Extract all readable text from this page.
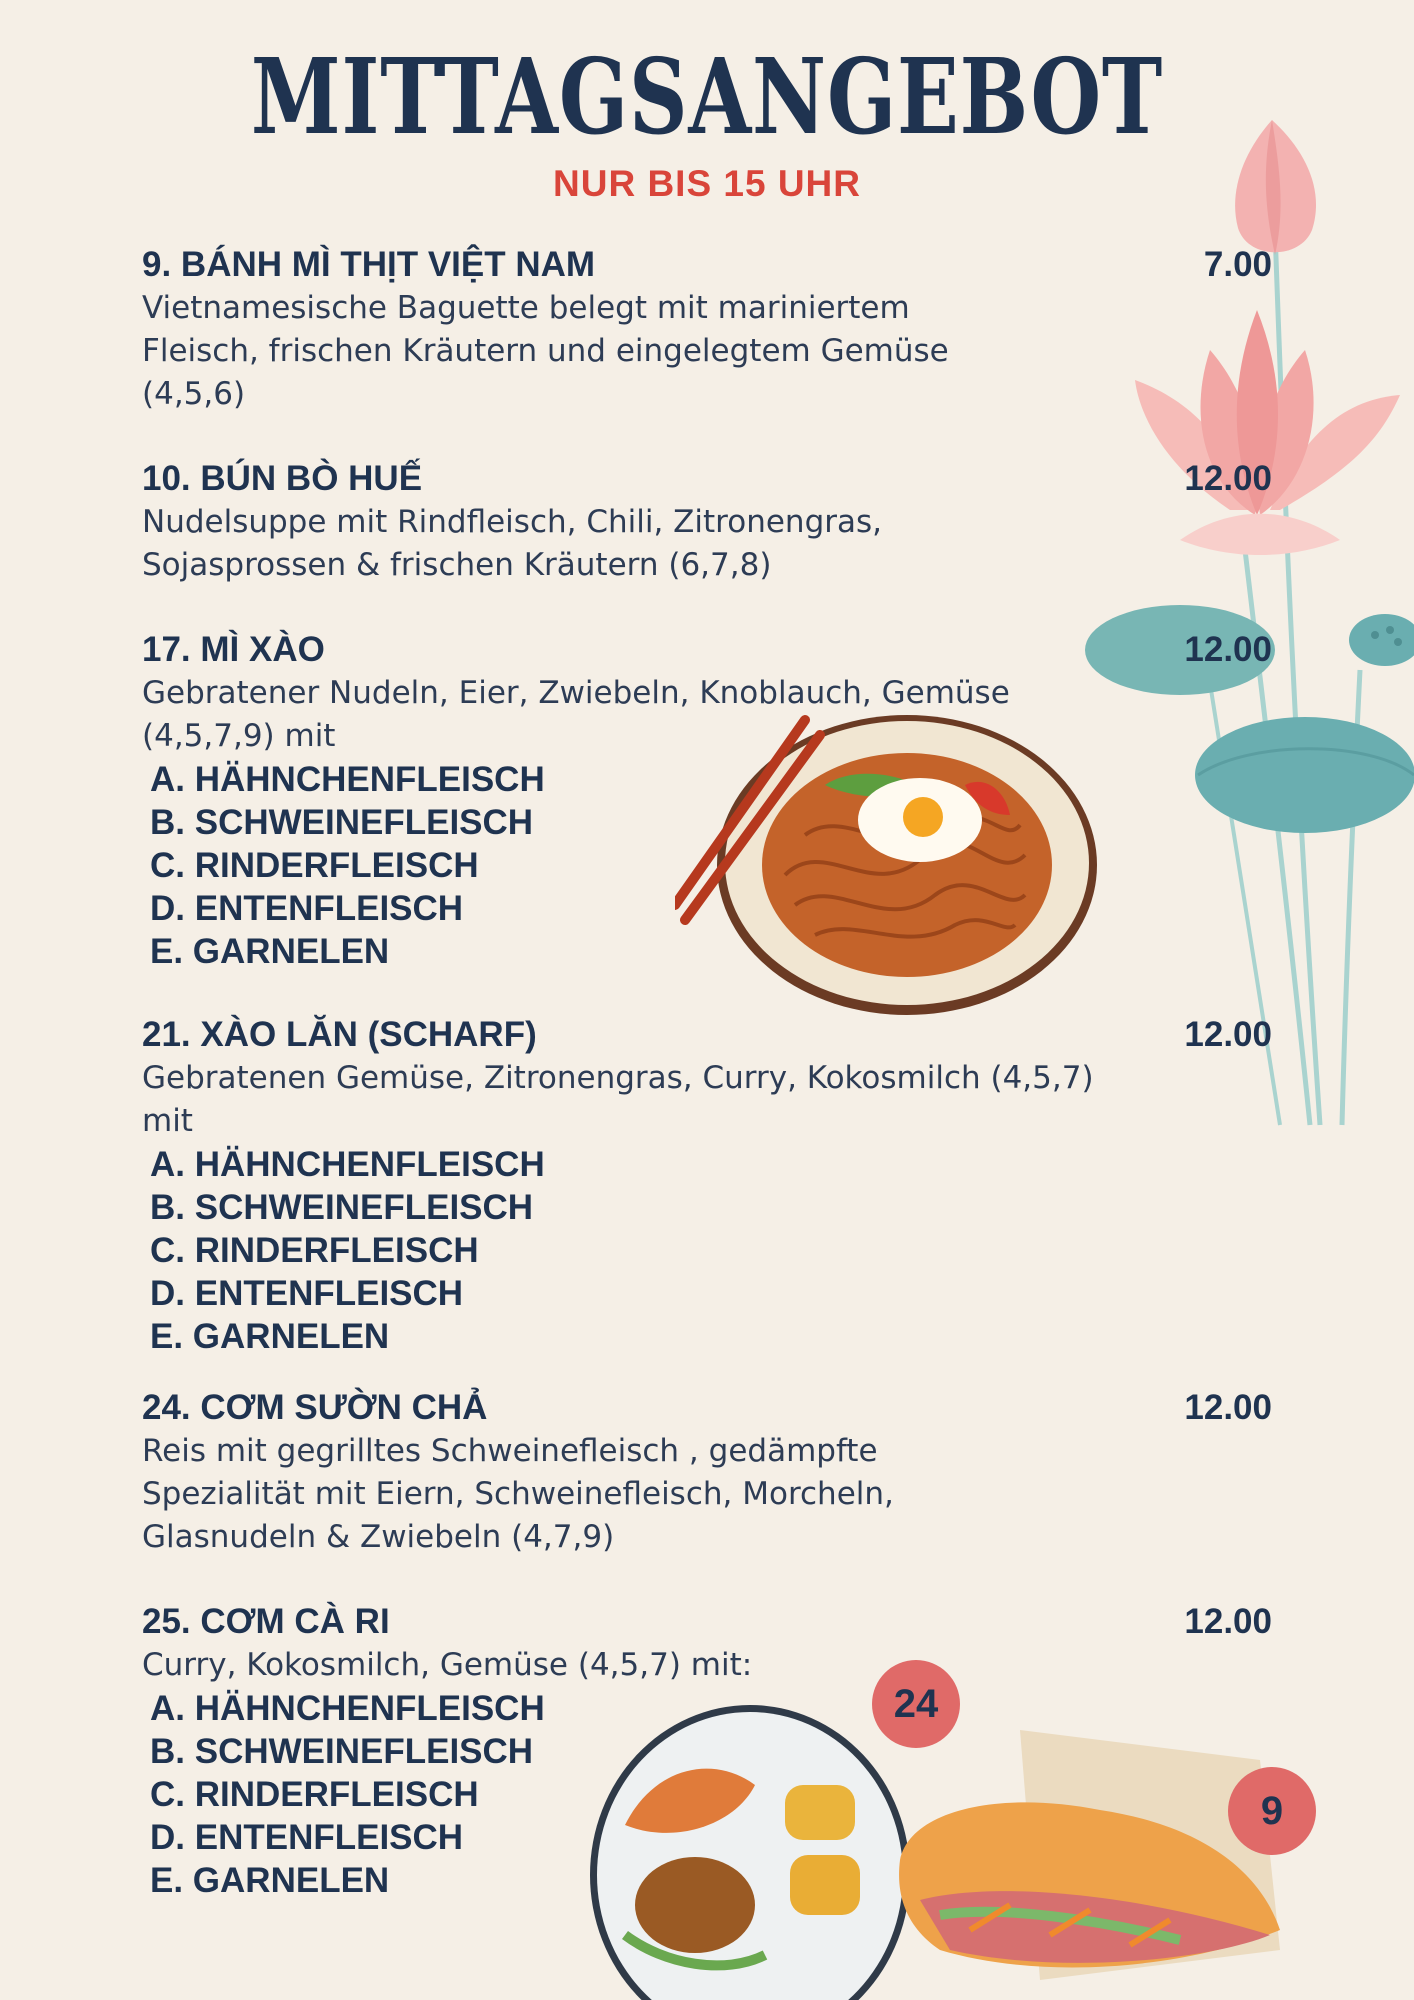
24
9
MITTAGSANGEBOT
NUR BIS 15 UHR
9. BÁNH MÌ THỊT VIỆT NAM	7.00
Vietnamesische Baguette belegt mit mariniertem
Fleisch, frischen Kräutern und eingelegtem Gemüse
(4,5,6)
10. BÚN BÒ HUẾ	12.00
Nudelsuppe mit Rindfleisch, Chili, Zitronengras,
Sojasprossen & frischen Kräutern (6,7,8)
17. MÌ XÀO	12.00
Gebratener Nudeln, Eier, Zwiebeln, Knoblauch, Gemüse
(4,5,7,9) mit
A. HÄHNCHENFLEISCH
B. SCHWEINEFLEISCH
C. RINDERFLEISCH
D. ENTENFLEISCH
E. GARNELEN
21. XÀO LĂN (SCHARF)	12.00
Gebratenen Gemüse, Zitronengras, Curry, Kokosmilch (4,5,7)
mit
A. HÄHNCHENFLEISCH
B. SCHWEINEFLEISCH
C. RINDERFLEISCH
D. ENTENFLEISCH
E. GARNELEN
24. CƠM SƯỜN CHẢ	12.00
Reis mit gegrilltes Schweinefleisch , gedämpfte
Spezialität mit Eiern, Schweinefleisch, Morcheln,
Glasnudeln & Zwiebeln (4,7,9)
25. CƠM CÀ RI	12.00
Curry, Kokosmilch, Gemüse (4,5,7) mit:
A. HÄHNCHENFLEISCH
B. SCHWEINEFLEISCH
C. RINDERFLEISCH
D. ENTENFLEISCH
E. GARNELEN
